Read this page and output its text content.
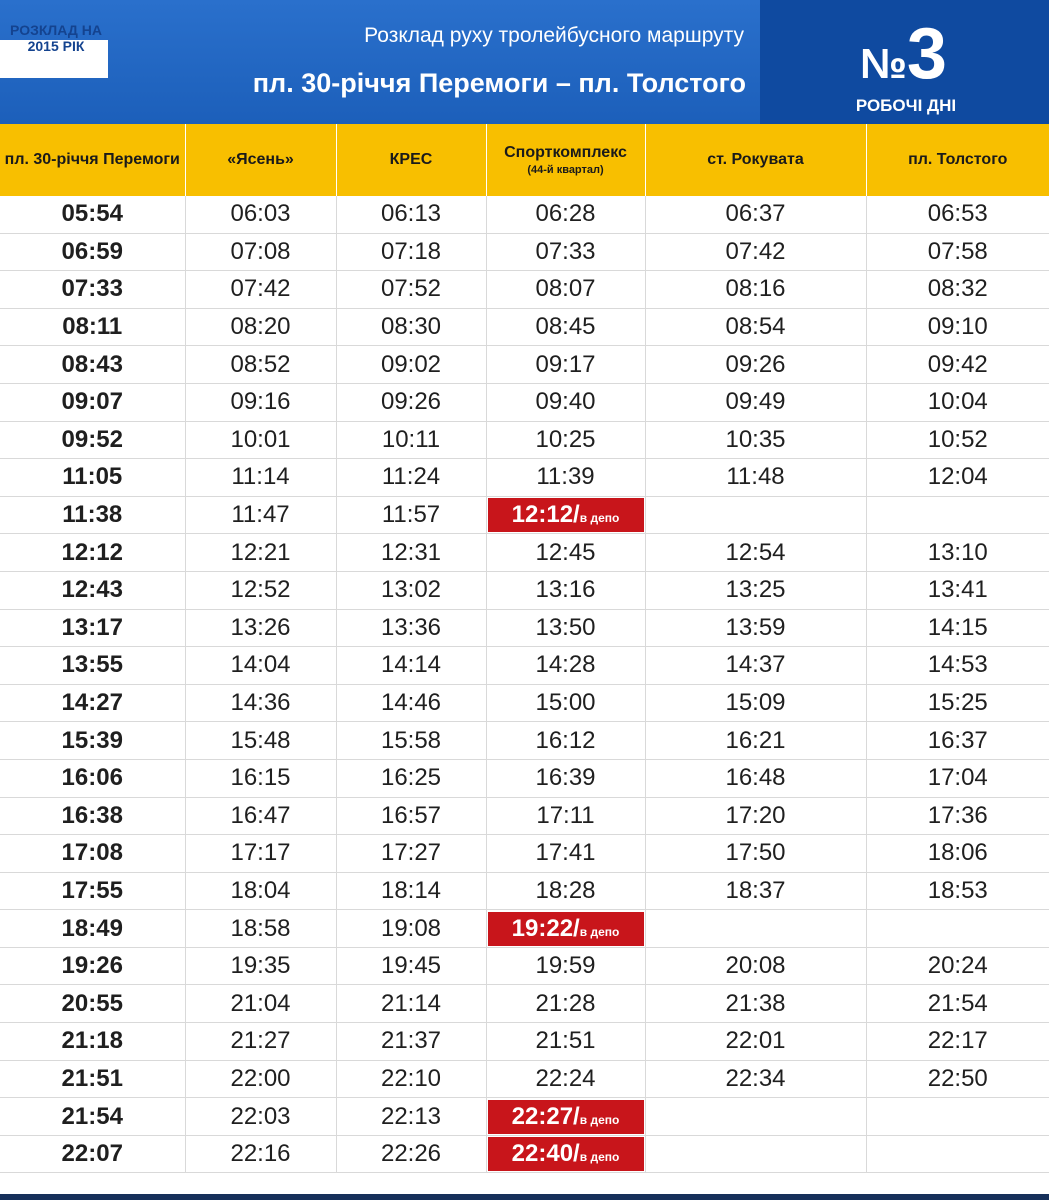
РОЗКЛАД НА 2015 РІК	Розклад руху тролейбусного маршруту
пл. 30-річчя Перемоги – пл. Толстого	№3
РОБОЧІ ДНІ
пл. 30-річчя Перемоги	«Ясень»	КРЕС	Спорткомплекс
(44-й квартал)	ст. Рокувата	пл. Толстого
05:54	06:03	06:13	06:28	06:37	06:53
06:59	07:08	07:18	07:33	07:42	07:58
07:33	07:42	07:52	08:07	08:16	08:32
08:11	08:20	08:30	08:45	08:54	09:10
08:43	08:52	09:02	09:17	09:26	09:42
09:07	09:16	09:26	09:40	09:49	10:04
09:52	10:01	10:11	10:25	10:35	10:52
11:05	11:14	11:24	11:39	11:48	12:04
11:38	11:47	11:57	12:12/в депо		
12:12	12:21	12:31	12:45	12:54	13:10
12:43	12:52	13:02	13:16	13:25	13:41
13:17	13:26	13:36	13:50	13:59	14:15
13:55	14:04	14:14	14:28	14:37	14:53
14:27	14:36	14:46	15:00	15:09	15:25
15:39	15:48	15:58	16:12	16:21	16:37
16:06	16:15	16:25	16:39	16:48	17:04
16:38	16:47	16:57	17:11	17:20	17:36
17:08	17:17	17:27	17:41	17:50	18:06
17:55	18:04	18:14	18:28	18:37	18:53
18:49	18:58	19:08	19:22/в депо		
19:26	19:35	19:45	19:59	20:08	20:24
20:55	21:04	21:14	21:28	21:38	21:54
21:18	21:27	21:37	21:51	22:01	22:17
21:51	22:00	22:10	22:24	22:34	22:50
21:54	22:03	22:13	22:27/в депо		
22:07	22:16	22:26	22:40/в депо		
